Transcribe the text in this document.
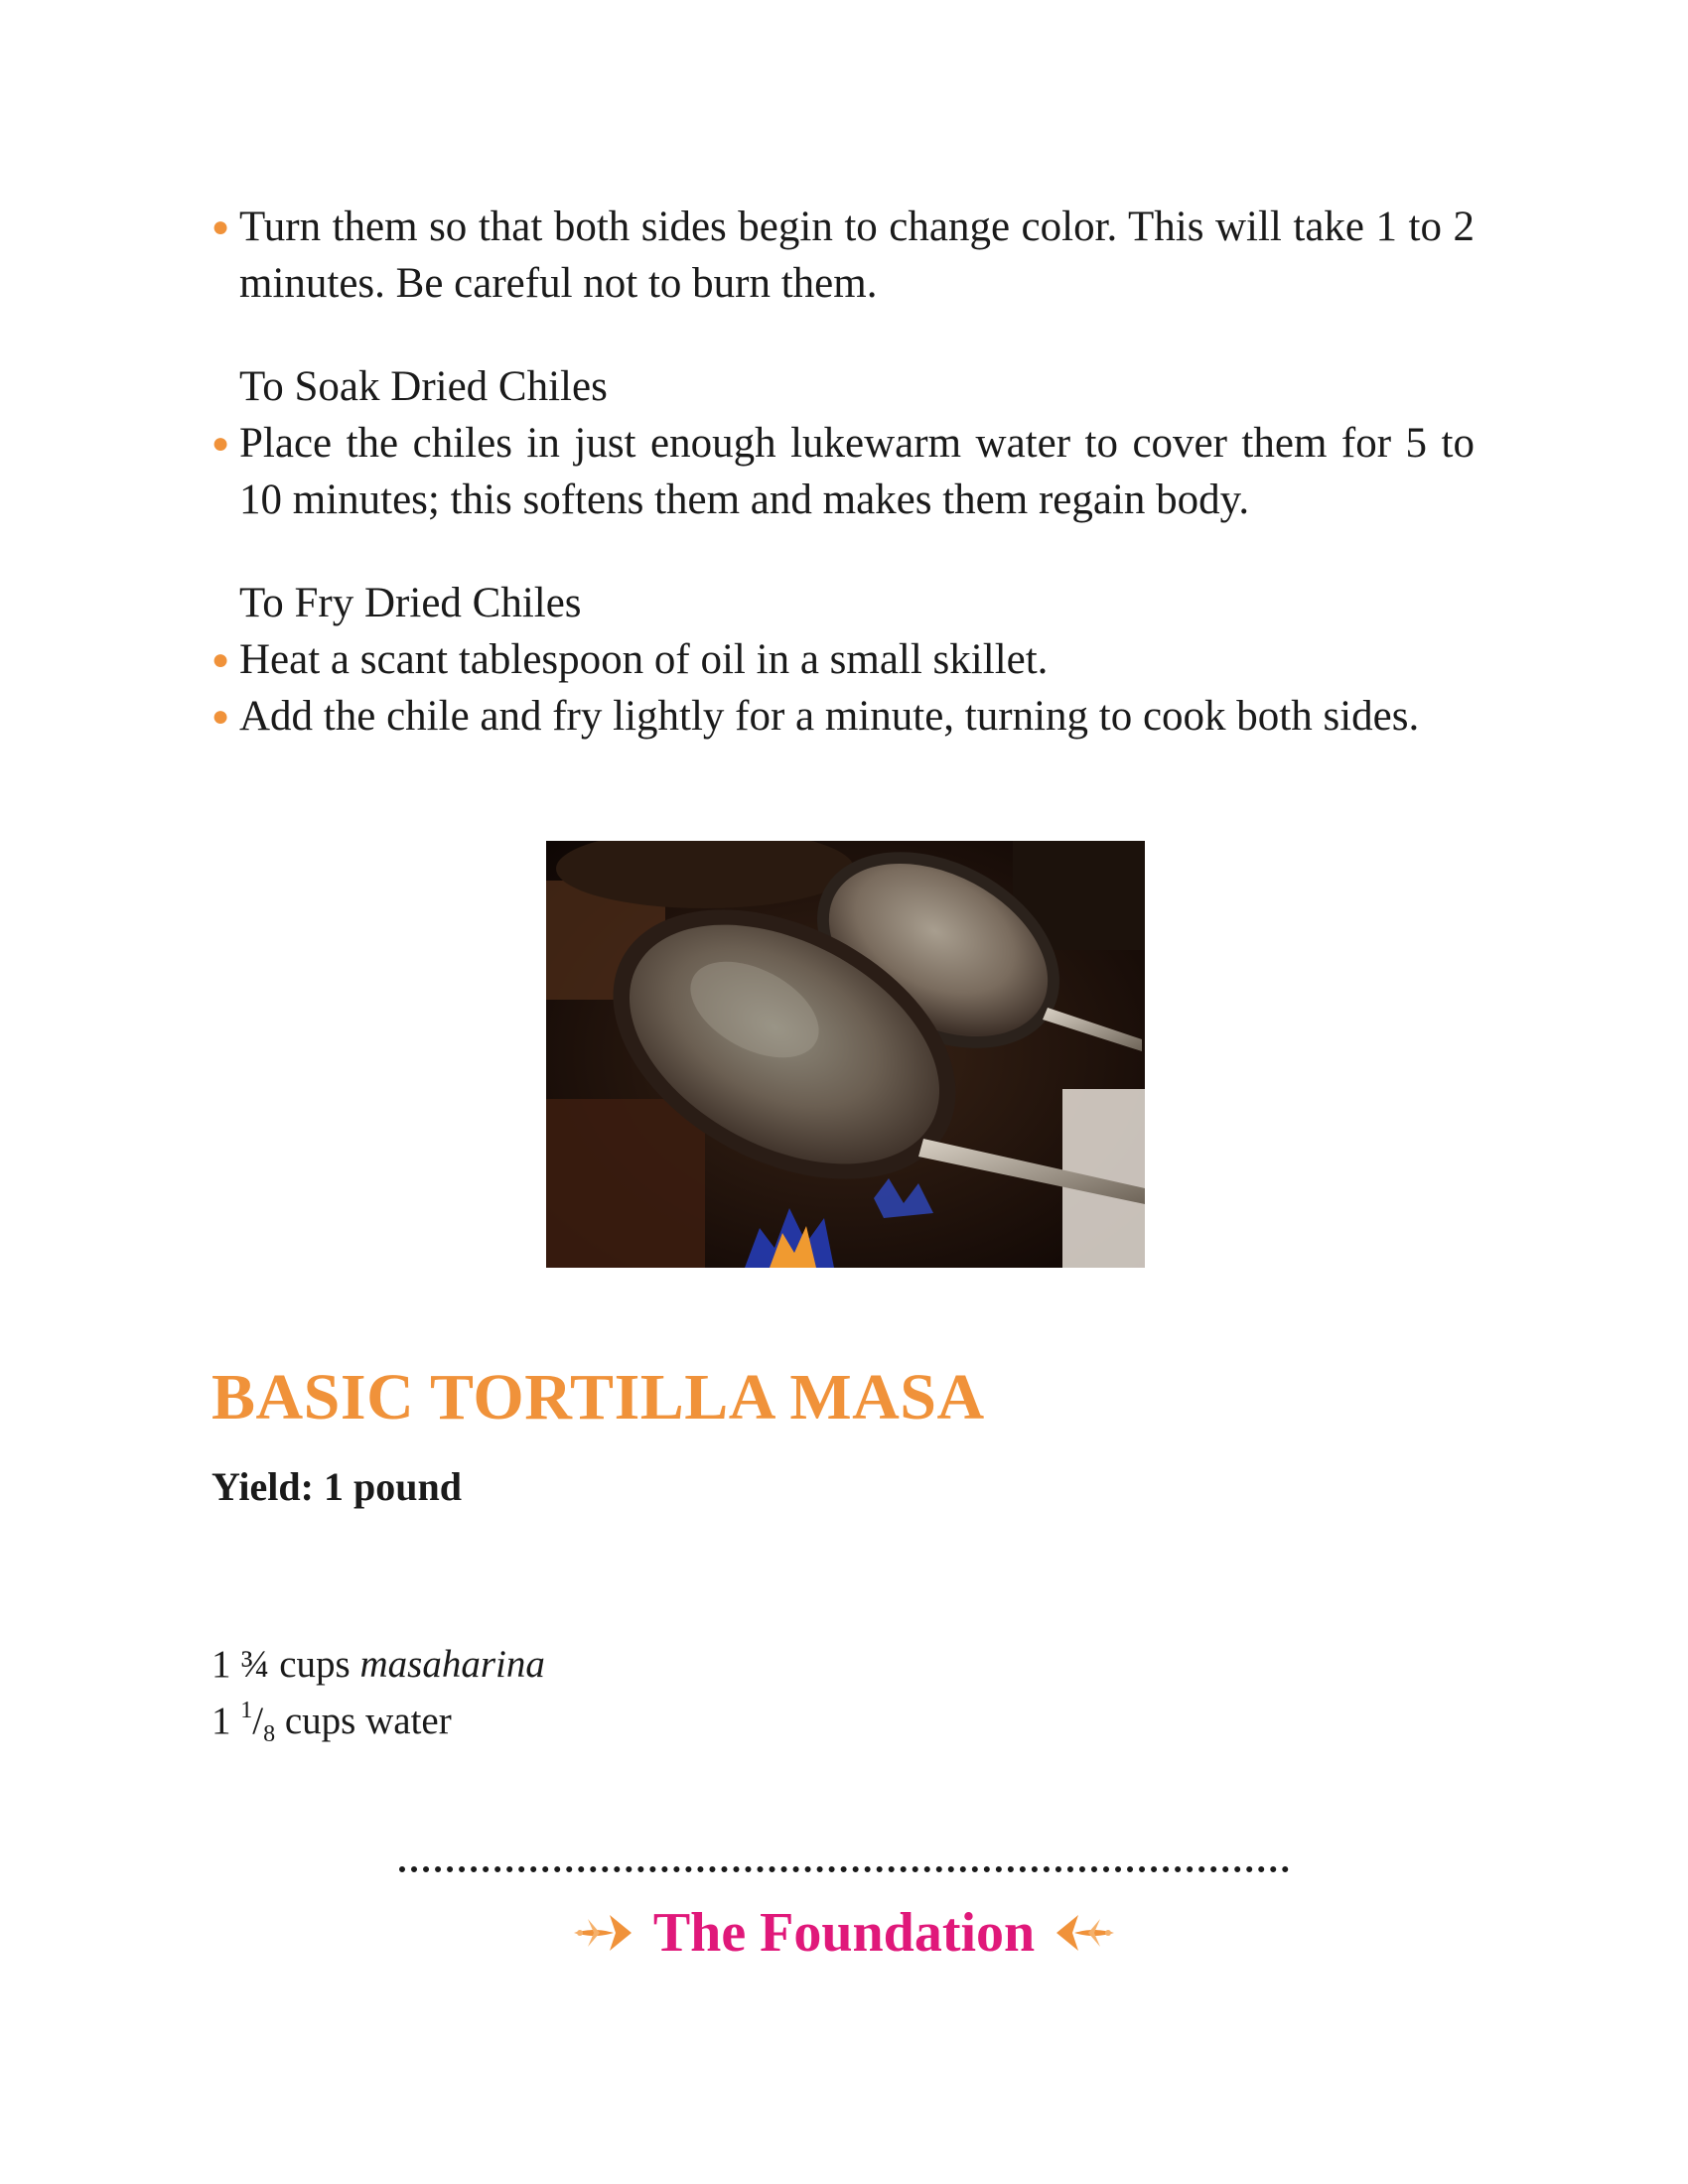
● Turn them so that both sides begin to change color. This will take 1 to 2 minutes. Be careful not to burn them.
To Soak Dried Chiles
● Place the chiles in just enough lukewarm water to cover them for 5 to 10 minutes; this softens them and makes them regain body.
To Fry Dried Chiles
● Heat a scant tablespoon of oil in a small skillet.
● Add the chile and fry lightly for a minute, turning to cook both sides.
BASIC TORTILLA MASA
Yield: 1 pound
1 ¾ cups masaharina
1 $^1/_8$ cups water
The Foundation
